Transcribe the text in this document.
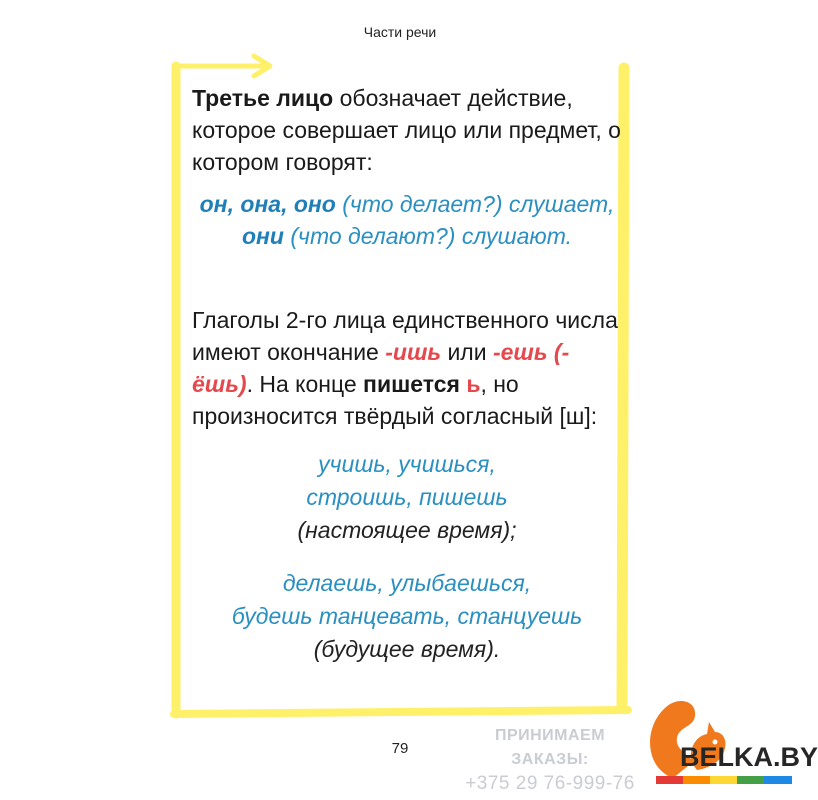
Части речи

Третье лицо обозначает действие, которое совершает лицо или предмет, о котором говорят:

он, она, оно (что делает?) слушает,
они (что делают?) слушают.

Глаголы 2-го лица единственного числа имеют окончание -ишь или -ешь (-ёшь). На конце пишется ь, но произносится твёрдый согласный [ш]:

учишь, учишься,
строишь, пишешь
(настоящее время);
делаешь, улыбаешься,
будешь танцевать, станцуешь
(будущее время).
79
ПРИНИМАЕМ ЗАКАЗЫ:
+375 29 76-999-76
BELKA.BY
